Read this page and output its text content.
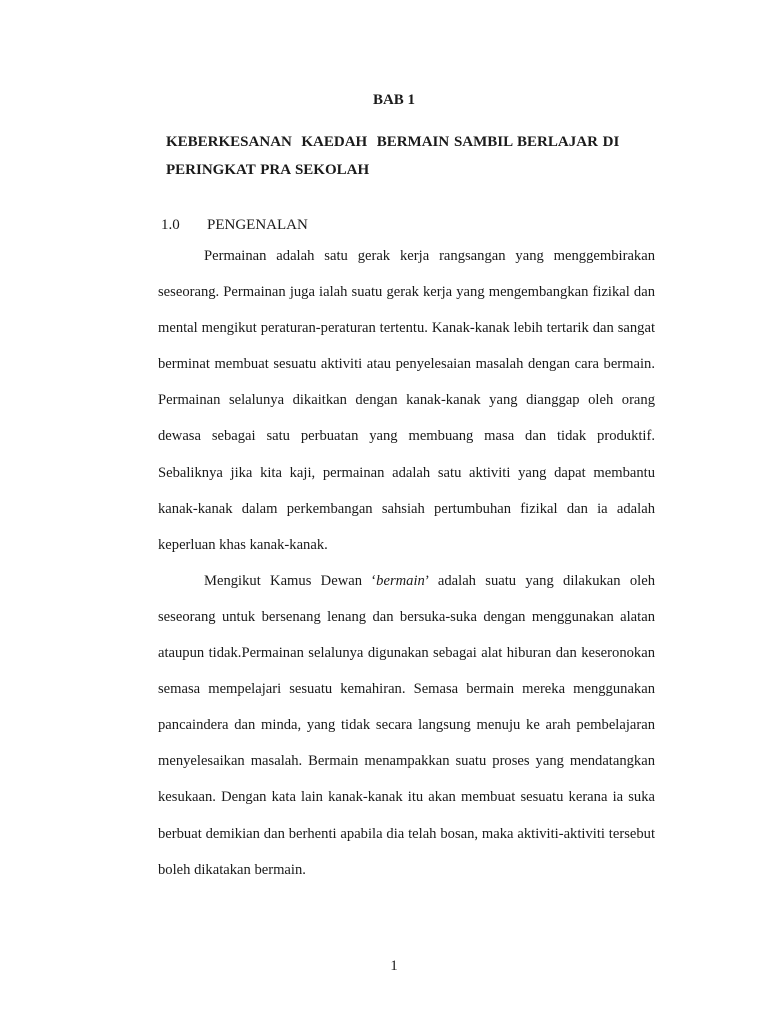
BAB 1
KEBERKESANAN  KAEDAH  BERMAIN SAMBIL BERLAJAR DI
PERINGKAT PRA SEKOLAH
1.0	PENGENALAN

Permainan adalah satu gerak kerja rangsangan yang menggembirakan seseorang. Permainan juga ialah suatu gerak kerja yang mengembangkan fizikal dan mental mengikut peraturan-peraturan tertentu. Kanak-kanak lebih tertarik dan sangat berminat membuat sesuatu aktiviti atau penyelesaian masalah dengan cara bermain. Permainan selalunya dikaitkan dengan kanak-kanak yang dianggap oleh orang dewasa sebagai satu perbuatan yang membuang masa dan tidak produktif. Sebaliknya jika kita kaji, permainan adalah satu aktiviti yang dapat membantu kanak-kanak dalam perkembangan sahsiah pertumbuhan fizikal dan ia adalah keperluan khas kanak-kanak.

Mengikut Kamus Dewan ‘bermain’ adalah suatu yang dilakukan oleh seseorang untuk bersenang lenang dan bersuka-suka dengan menggunakan alatan ataupun tidak.Permainan selalunya digunakan sebagai alat hiburan dan keseronokan semasa mempelajari sesuatu kemahiran. Semasa bermain mereka menggunakan pancaindera dan minda, yang tidak secara langsung menuju ke arah pembelajaran menyelesaikan masalah. Bermain menampakkan suatu proses yang mendatangkan kesukaan. Dengan kata lain kanak-kanak itu akan membuat sesuatu kerana ia suka berbuat demikian dan berhenti apabila dia telah bosan, maka aktiviti-aktiviti tersebut boleh dikatakan bermain.

1
